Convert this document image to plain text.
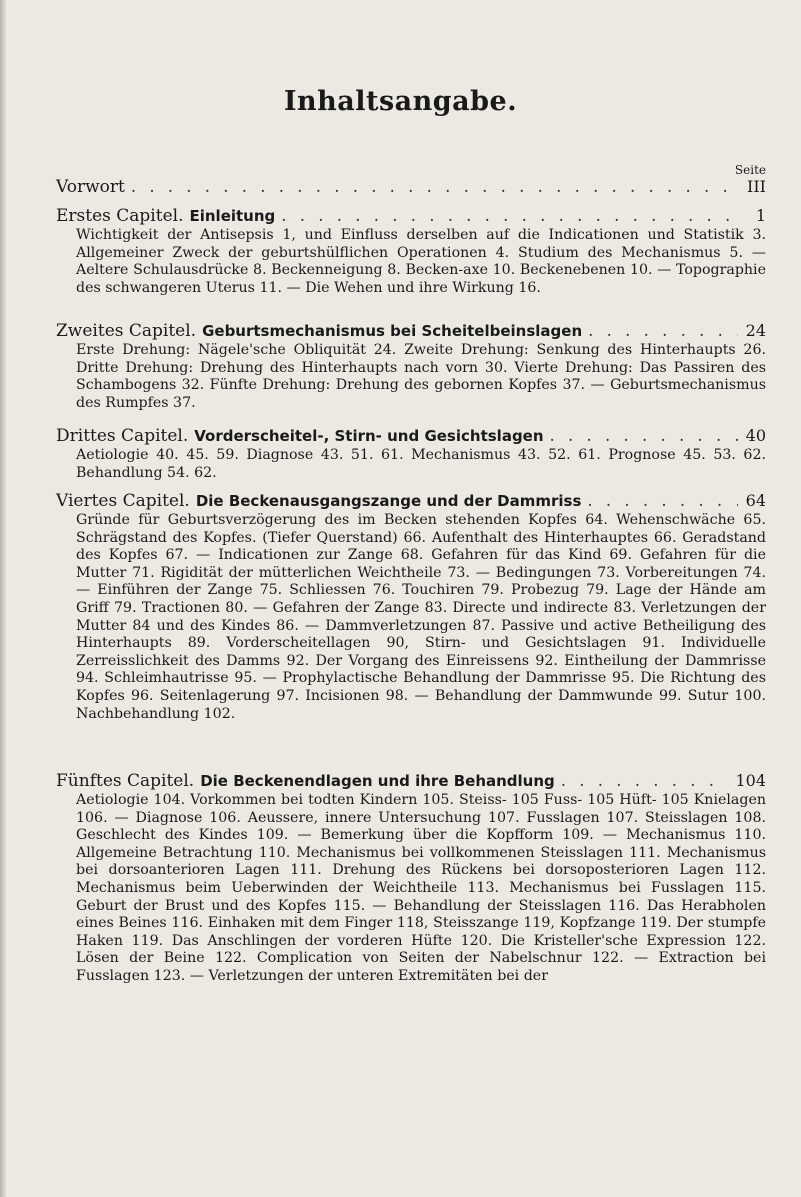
Inhaltsangabe.
Seite
Vorwort . . .	III
Erstes Capitel. Einleitung . . .	1

Wichtigkeit der Antisepsis 1, und Einfluss derselben auf die Indicationen und Statistik 3. Allgemeiner Zweck der geburtshülflichen Operationen 4. Studium des Mechanismus 5. — Aeltere Schulausdrücke 8. Beckenneigung 8. Becken-axe 10. Beckenebenen 10. — Topographie des schwangeren Uterus 11. — Die Wehen und ihre Wirkung 16.

Zweites Capitel. Geburtsmechanismus bei Scheitelbeinslagen . . .	24

Erste Drehung: Nägele'sche Obliquität 24. Zweite Drehung: Senkung des Hinterhaupts 26. Dritte Drehung: Drehung des Hinterhaupts nach vorn 30. Vierte Drehung: Das Passiren des Schambogens 32. Fünfte Drehung: Drehung des gebornen Kopfes 37. — Geburtsmechanismus des Rumpfes 37.

Drittes Capitel. Vorderscheitel-, Stirn- und Gesichtslagen . . .	40

Aetiologie 40. 45. 59. Diagnose 43. 51. 61. Mechanismus 43. 52. 61. Prognose 45. 53. 62. Behandlung 54. 62.

Viertes Capitel. Die Beckenausgangszange und der Dammriss . . .	64

Gründe für Geburtsverzögerung des im Becken stehenden Kopfes 64. Wehenschwäche 65. Schrägstand des Kopfes. (Tiefer Querstand) 66. Aufenthalt des Hinterhauptes 66. Geradstand des Kopfes 67. — Indicationen zur Zange 68. Gefahren für das Kind 69. Gefahren für die Mutter 71. Rigidität der mütterlichen Weichtheile 73. — Bedingungen 73. Vorbereitungen 74. — Einführen der Zange 75. Schliessen 76. Touchiren 79. Probezug 79. Lage der Hände am Griff 79. Tractionen 80. — Gefahren der Zange 83. Directe und indirecte 83. Verletzungen der Mutter 84 und des Kindes 86. — Dammverletzungen 87. Passive und active Betheiligung des Hinterhaupts 89. Vorderscheitellagen 90, Stirn- und Gesichtslagen 91. Individuelle Zerreisslichkeit des Damms 92. Der Vorgang des Einreissens 92. Eintheilung der Dammrisse 94. Schleimhautrisse 95. — Prophylactische Behandlung der Dammrisse 95. Die Richtung des Kopfes 96. Seitenlagerung 97. Incisionen 98. — Behandlung der Dammwunde 99. Sutur 100. Nachbehandlung 102.

Fünftes Capitel. Die Beckenendlagen und ihre Behandlung . . .	104

Aetiologie 104. Vorkommen bei todten Kindern 105. Steiss- 105 Fuss- 105 Hüft- 105 Knielagen 106. — Diagnose 106. Aeussere, innere Untersuchung 107. Fusslagen 107. Steisslagen 108. Geschlecht des Kindes 109. — Bemerkung über die Kopfform 109. — Mechanismus 110. Allgemeine Betrachtung 110. Mechanismus bei vollkommenen Steisslagen 111. Mechanismus bei dorsoanterioren Lagen 111. Drehung des Rückens bei dorsoposterioren Lagen 112. Mechanismus beim Ueberwinden der Weichtheile 113. Mechanismus bei Fusslagen 115. Geburt der Brust und des Kopfes 115. — Behandlung der Steisslagen 116. Das Herabholen eines Beines 116. Einhaken mit dem Finger 118, Steisszange 119, Kopfzange 119. Der stumpfe Haken 119. Das Anschlingen der vorderen Hüfte 120. Die Kristeller'sche Expression 122. Lösen der Beine 122. Complication von Seiten der Nabelschnur 122. — Extraction bei Fusslagen 123. — Verletzungen der unteren Extremitäten bei der
